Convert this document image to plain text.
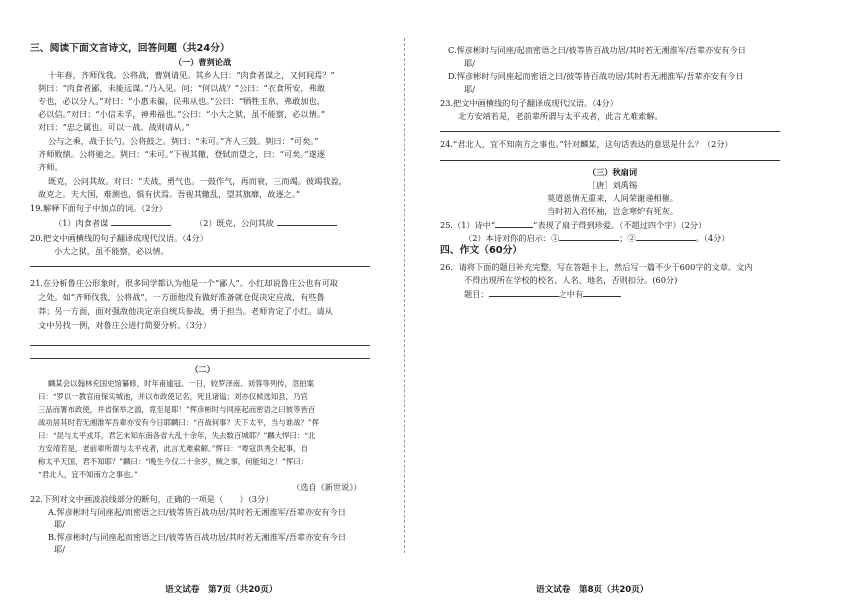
三、阅读下面文言诗文，回答问题（共24分）
（一）曹刿论战
十年春，齐师伐我。公将战，曹刿请见。其乡人曰：“肉食者谋之，又何间焉？”
刿曰：“肉食者鄙，未能远谋。”乃入见。问：“何以战？”公曰：“衣食所安，弗敢
专也，必以分人。”对曰：“小惠未徧，民弗从也。”公曰：“牺牲玉帛，弗敢加也，
必以信。”对曰：“小信未孚，神弗福也。”公曰：“小大之狱，虽不能察，必以情。”
对曰：“忠之属也。可以一战。战则请从。”
公与之乘，战于长勺。公将鼓之。刿曰：“未可。”齐人三鼓。刿曰：“可矣。”
齐师败绩。公将驰之。刿曰：“未可。”下视其辙，登轼而望之，曰：“可矣。”遂逐
齐师。
既克，公问其故。对曰：“夫战，勇气也。一鼓作气，再而衰，三而竭。彼竭我盈，
故克之。夫大国，难测也，惧有伏焉。吾视其辙乱，望其旗靡，故逐之。”
19.解释下面句子中加点的词。（2分）
（1）肉食者谋	（2）既克，公问其故
20.把文中画横线的句子翻译成现代汉语。（4分）
小大之狱，虽不能察，必以情。
21.在分析鲁庄公形象时，很多同学都认为他是一个“鄙人”。小红却说鲁庄公也有可取
之处。如“齐师伐我，公将战”，一方面他没有做好准备就仓促决定应战，有些鲁
莽；另一方面，面对强敌他决定亲自统兵参战，勇于担当。老师肯定了小红。请从
文中另找一例，对鲁庄公进行简要分析。（3分）
（二）
麟某会以翰林充国史馆纂修，时年甫逾冠。一日，较罗泽南、刘蓉等列传，忽拍案
曰：“罗以一教官而保实城池，并以布政使记名，死且诸谥；刘亦仅候选知县，乃官
三品而署布政使，并省保举之滥，竟至是耶！”恽彦彬时与同座起而密语之曰彼等皆百
战功居其时若无湘淮军吾辈亦安有今日耶麟曰：“百战何事？天下太平，当与谁战？”挥
曰：“昆与太平戎耳，君乞未知东南各省大乱十余年，失去数百城耶？”麟大悍曰：“北
方安靖若是，老前辈所谓与太平戎者，此言尤难索解。”恽曰：“粤寇洪秀全起事，自
称太平天国，君不知耶？”麟曰：“晚生今仅二十余岁，贼之事，何能知之！”恽曰：
“君北人，宜不知南方之事也。”
（选自《新世说》）
22.下列对文中画波浪线部分的断句，正确的一项是（　　）（3分）
A.恽彦彬时与同座起/而密语之曰/彼等皆百战功居/其时若无湘淮军/吾辈亦安有今日
耶/
B.恽彦彬时/与同座起而密语之曰/彼等皆百战功居/其时若无湘淮军/吾辈亦安有今日
耶/
语文试卷　第7页（共20页）
C.恽彦彬时与同座/起而密语之曰/彼等皆百战功居/其时若无湘淮军/吾辈亦安有今日
耶/
D.恽彦彬时与同座起而密语之曰/彼等皆百战功居/其时若无湘淮军/吾辈亦安有今日
耶/
23.把文中画横线的句子翻译成现代汉语。（4分）
北方安靖若是，老前辈所谓与太平戎者，此言尤难索解。
24.“君北人，宜不知南方之事也。”针对麟某，这句话表达的意思是什么？（2分）
（三）秋扇词
［唐］刘禹锡
莫道恩情无重来，人间荣谢递相催。
当时初入君怀袖，岂念寒炉有死灰。
25.（1）诗中“	”表现了扇子得到珍爱。（不超过四个字）（2分）
（2）本诗对你的启示：①	；②	。（4分）
四、作文（60分）
26．请将下面的题目补充完整，写在答题卡上，然后写一篇不少于600字的文章。文内
不得出现所在学校的校名、人名、地名，否则扣分。(60分)
题目：	之中有
语文试卷　第8页（共20页）
